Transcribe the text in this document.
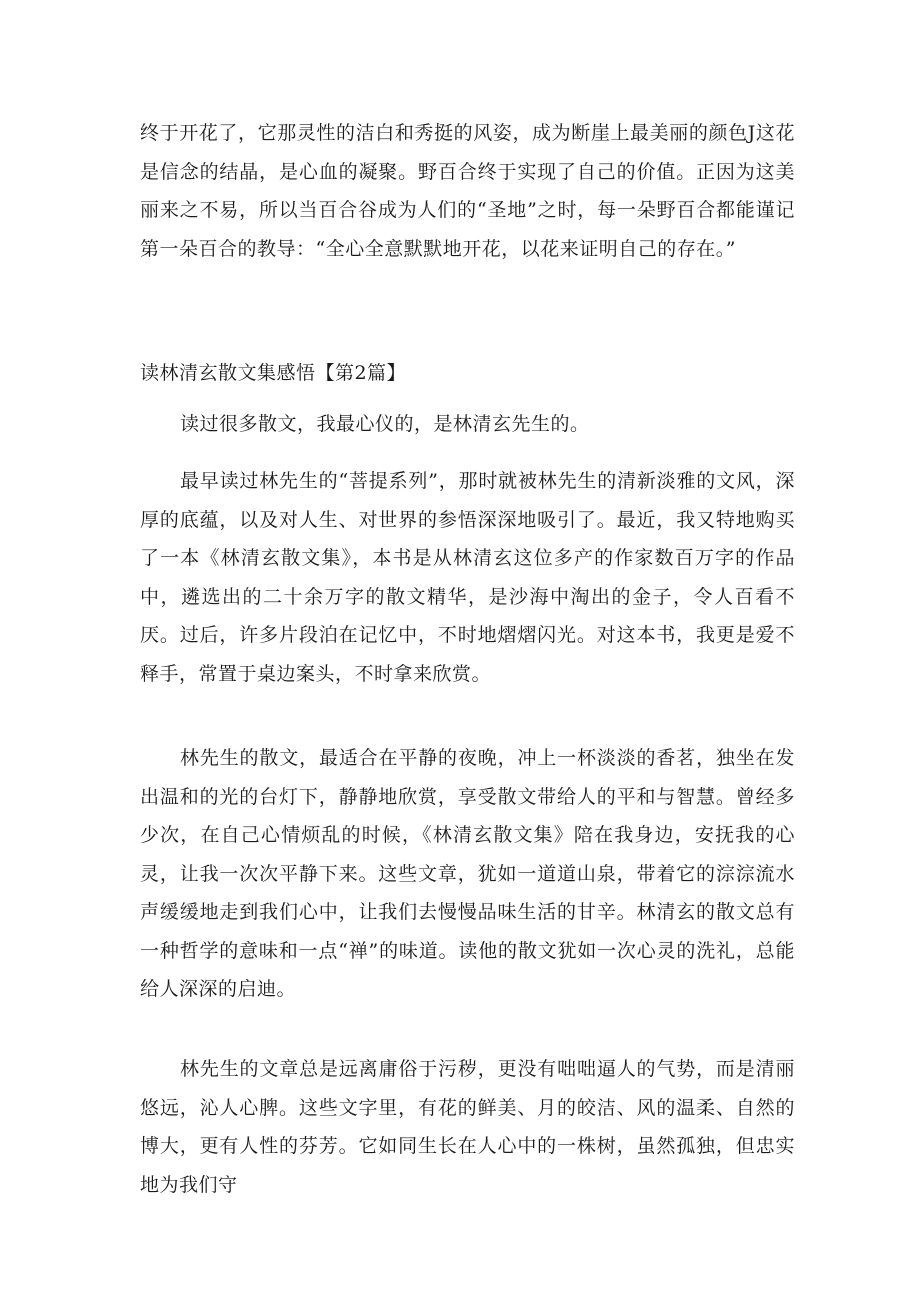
终于开花了，它那灵性的洁白和秀挺的风姿，成为断崖上最美丽的颜色J这花是信念的结晶，是心血的凝聚。野百合终于实现了自己的价值。正因为这美丽来之不易，所以当百合谷成为人们的“圣地”之时，每一朵野百合都能谨记第一朵百合的教导：“全心全意默默地开花，以花来证明自己的存在。”

读林清玄散文集感悟【第2篇】

读过很多散文，我最心仪的，是林清玄先生的。

最早读过林先生的“菩提系列”，那时就被林先生的清新淡雅的文风，深厚的底蕴，以及对人生、对世界的参悟深深地吸引了。最近，我又特地购买了一本《林清玄散文集》，本书是从林清玄这位多产的作家数百万字的作品中，遴选出的二十余万字的散文精华，是沙海中淘出的金子，令人百看不厌。过后，许多片段泊在记忆中，不时地熠熠闪光。对这本书，我更是爱不释手，常置于桌边案头，不时拿来欣赏。

林先生的散文，最适合在平静的夜晚，冲上一杯淡淡的香茗，独坐在发出温和的光的台灯下，静静地欣赏，享受散文带给人的平和与智慧。曾经多少次，在自己心情烦乱的时候，《林清玄散文集》陪在我身边，安抚我的心灵，让我一次次平静下来。这些文章，犹如一道道山泉，带着它的淙淙流水声缓缓地走到我们心中，让我们去慢慢品味生活的甘辛。林清玄的散文总有一种哲学的意味和一点“禅”的味道。读他的散文犹如一次心灵的洗礼，总能给人深深的启迪。

林先生的文章总是远离庸俗于污秽，更没有咄咄逼人的气势，而是清丽悠远，沁人心脾。这些文字里，有花的鲜美、月的皎洁、风的温柔、自然的博大，更有人性的芬芳。它如同生长在人心中的一株树，虽然孤独，但忠实地为我们守
